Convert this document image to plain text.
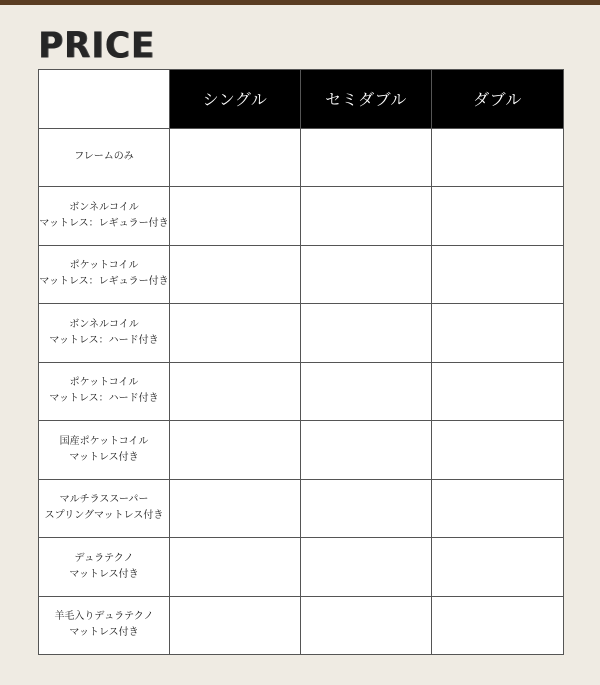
PRICE
	シングル	セミダブル	ダブル

フレームのみ			

ボンネルコイル
マットレス：レギュラー付き			

ポケットコイル
マットレス：レギュラー付き			

ボンネルコイル
マットレス：ハード付き			

ポケットコイル
マットレス：ハード付き			

国産ポケットコイル
マットレス付き			

マルチラススーパー
スプリングマットレス付き			

デュラテクノ
マットレス付き			

羊毛入りデュラテクノ
マットレス付き			
